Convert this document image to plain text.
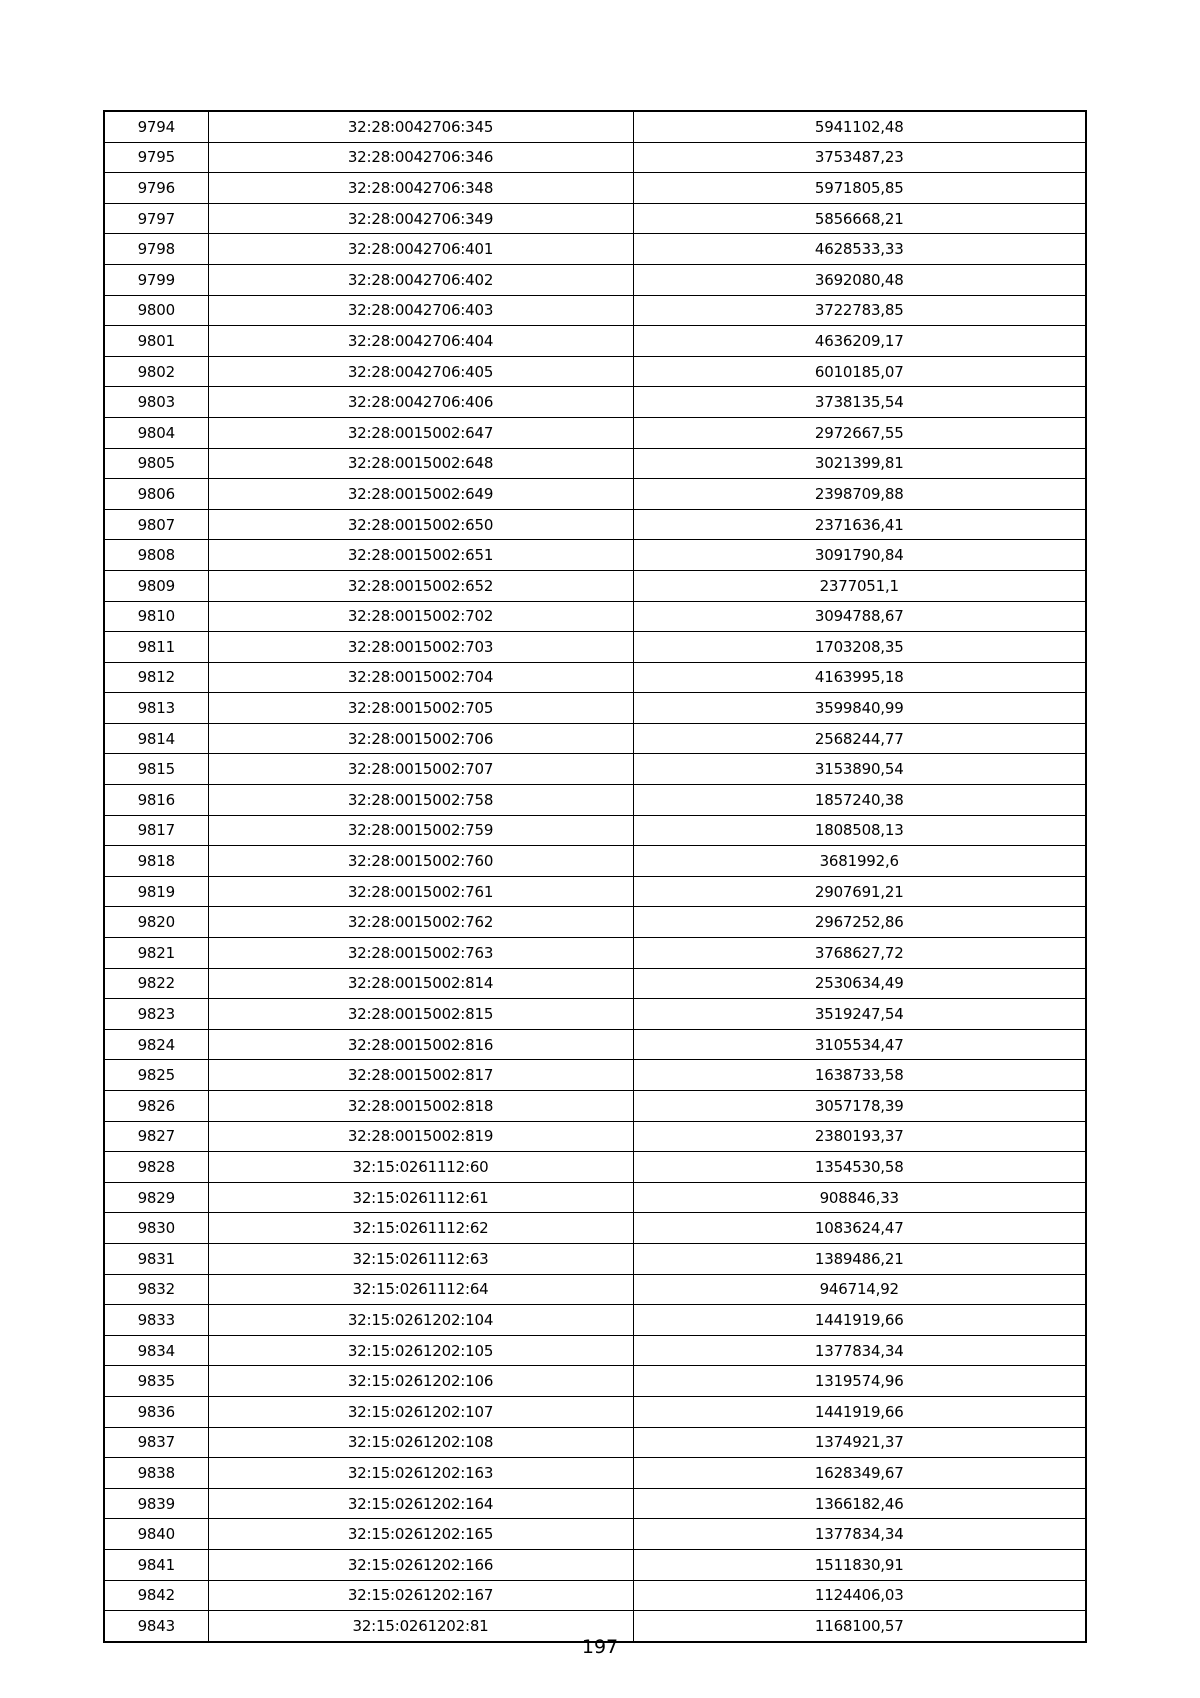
9794	32:28:0042706:345	5941102,48
9795	32:28:0042706:346	3753487,23
9796	32:28:0042706:348	5971805,85
9797	32:28:0042706:349	5856668,21
9798	32:28:0042706:401	4628533,33
9799	32:28:0042706:402	3692080,48
9800	32:28:0042706:403	3722783,85
9801	32:28:0042706:404	4636209,17
9802	32:28:0042706:405	6010185,07
9803	32:28:0042706:406	3738135,54
9804	32:28:0015002:647	2972667,55
9805	32:28:0015002:648	3021399,81
9806	32:28:0015002:649	2398709,88
9807	32:28:0015002:650	2371636,41
9808	32:28:0015002:651	3091790,84
9809	32:28:0015002:652	2377051,1
9810	32:28:0015002:702	3094788,67
9811	32:28:0015002:703	1703208,35
9812	32:28:0015002:704	4163995,18
9813	32:28:0015002:705	3599840,99
9814	32:28:0015002:706	2568244,77
9815	32:28:0015002:707	3153890,54
9816	32:28:0015002:758	1857240,38
9817	32:28:0015002:759	1808508,13
9818	32:28:0015002:760	3681992,6
9819	32:28:0015002:761	2907691,21
9820	32:28:0015002:762	2967252,86
9821	32:28:0015002:763	3768627,72
9822	32:28:0015002:814	2530634,49
9823	32:28:0015002:815	3519247,54
9824	32:28:0015002:816	3105534,47
9825	32:28:0015002:817	1638733,58
9826	32:28:0015002:818	3057178,39
9827	32:28:0015002:819	2380193,37
9828	32:15:0261112:60	1354530,58
9829	32:15:0261112:61	908846,33
9830	32:15:0261112:62	1083624,47
9831	32:15:0261112:63	1389486,21
9832	32:15:0261112:64	946714,92
9833	32:15:0261202:104	1441919,66
9834	32:15:0261202:105	1377834,34
9835	32:15:0261202:106	1319574,96
9836	32:15:0261202:107	1441919,66
9837	32:15:0261202:108	1374921,37
9838	32:15:0261202:163	1628349,67
9839	32:15:0261202:164	1366182,46
9840	32:15:0261202:165	1377834,34
9841	32:15:0261202:166	1511830,91
9842	32:15:0261202:167	1124406,03
9843	32:15:0261202:81	1168100,57
197
